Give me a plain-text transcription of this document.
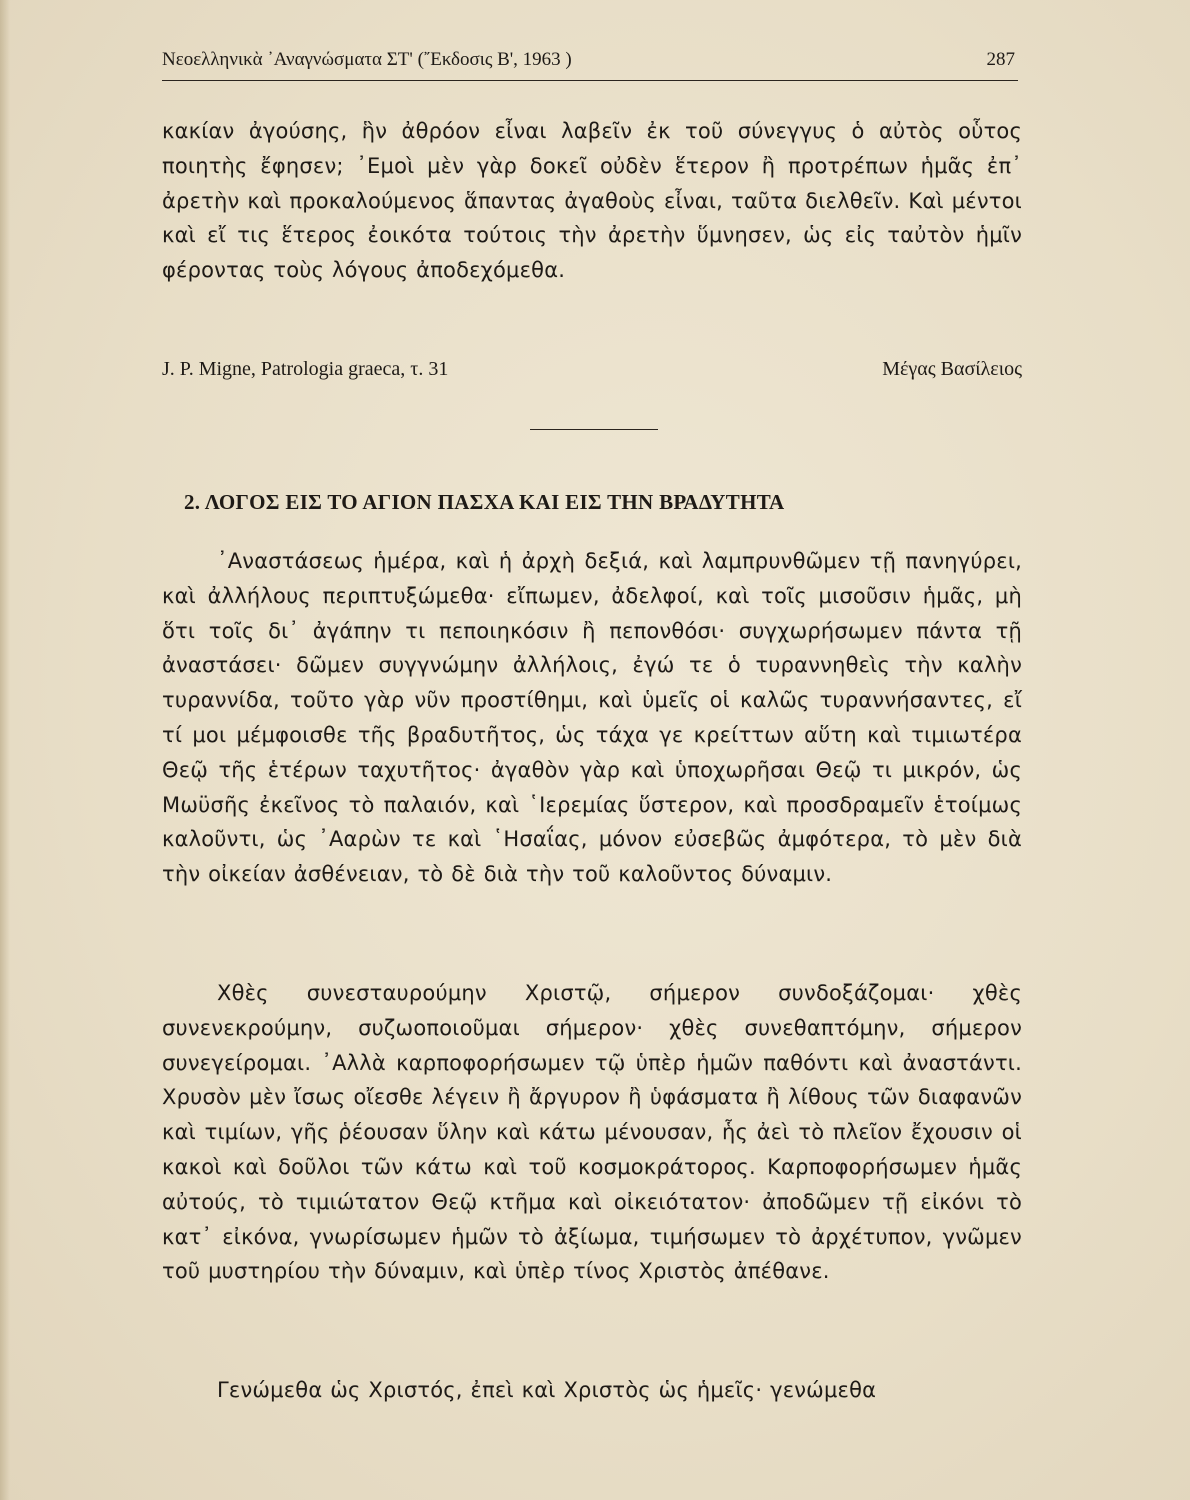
Νεοελληνικὰ ᾿Αναγνώσματα ΣΤ' (῎Εκδοσις Β', 1963 )	287

κακίαν ἀγούσης, ἣν ἀθρόον εἶναι λαβεῖν ἐκ τοῦ σύνεγγυς ὁ αὐτὸς οὗτος ποιητὴς ἔφησεν; ᾿Εμοὶ μὲν γὰρ δοκεῖ οὐδὲν ἕτερον ἢ προτρέπων ἡμᾶς ἐπ᾿ ἀρετὴν καὶ προκαλούμενος ἅπαντας ἀγαθοὺς εἶναι, ταῦτα διελθεῖν. Καὶ μέντοι καὶ εἴ τις ἕτερος ἐοικότα τούτοις τὴν ἀρετὴν ὕμνησεν, ὡς εἰς ταὐτὸν ἡμῖν φέροντας τοὺς λόγους ἀποδεχόμεθα.

J. P. Migne, Patrologia graeca, τ. 31	Μέγας Βασίλειος
2. ΛΟΓΟΣ ΕΙΣ ΤΟ ΑΓΙΟΝ ΠΑΣΧΑ ΚΑΙ ΕΙΣ ΤΗΝ ΒΡΑΔΥΤΗΤΑ

᾿Αναστάσεως ἡμέρα, καὶ ἡ ἀρχὴ δεξιά, καὶ λαμπρυνθῶμεν τῇ πανηγύρει, καὶ ἀλλήλους περιπτυξώμεθα· εἴπωμεν, ἀδελφοί, καὶ τοῖς μισοῦσιν ἡμᾶς, μὴ ὅτι τοῖς δι᾿ ἀγάπην τι πεποιηκόσιν ἢ πεπονθόσι· συγχωρήσωμεν πάντα τῇ ἀναστάσει· δῶμεν συγγνώμην ἀλλήλοις, ἐγώ τε ὁ τυραννηθεὶς τὴν καλὴν τυραννίδα, τοῦτο γὰρ νῦν προστίθημι, καὶ ὑμεῖς οἱ καλῶς τυραννήσαντες, εἴ τί μοι μέμφοισθε τῆς βραδυτῆτος, ὡς τάχα γε κρείττων αὕτη καὶ τιμιωτέρα Θεῷ τῆς ἑτέρων ταχυτῆτος· ἀγαθὸν γὰρ καὶ ὑποχωρῆσαι Θεῷ τι μικρόν, ὡς Μωϋσῆς ἐκεῖνος τὸ παλαιόν, καὶ ῾Ιερεμίας ὕστερον, καὶ προσδραμεῖν ἑτοίμως καλοῦντι, ὡς ᾿Ααρὼν τε καὶ ῾Ησαΐας, μόνον εὐσεβῶς ἀμφότερα, τὸ μὲν διὰ τὴν οἰκείαν ἀσθένειαν, τὸ δὲ διὰ τὴν τοῦ καλοῦντος δύναμιν.

Χθὲς συνεσταυρούμην Χριστῷ, σήμερον συνδοξάζομαι· χθὲς συνενεκρούμην, συζωοποιοῦμαι σήμερον· χθὲς συνεθαπτόμην, σήμερον συνεγείρομαι. ᾿Αλλὰ καρποφορήσωμεν τῷ ὑπὲρ ἡμῶν παθόντι καὶ ἀναστάντι. Χρυσὸν μὲν ἴσως οἴεσθε λέγειν ἢ ἄργυρον ἢ ὑφάσματα ἢ λίθους τῶν διαφανῶν καὶ τιμίων, γῆς ῥέουσαν ὕλην καὶ κάτω μένουσαν, ἧς ἀεὶ τὸ πλεῖον ἔχουσιν οἱ κακοὶ καὶ δοῦλοι τῶν κάτω καὶ τοῦ κοσμοκράτορος. Καρποφορήσωμεν ἡμᾶς αὐτούς, τὸ τιμιώτατον Θεῷ κτῆμα καὶ οἰκειότατον· ἀποδῶμεν τῇ εἰκόνι τὸ κατ᾿ εἰκόνα, γνωρίσωμεν ἡμῶν τὸ ἀξίωμα, τιμήσωμεν τὸ ἀρχέτυπον, γνῶμεν τοῦ μυστηρίου τὴν δύναμιν, καὶ ὑπὲρ τίνος Χριστὸς ἀπέθανε.

Γενώμεθα ὡς Χριστός, ἐπεὶ καὶ Χριστὸς ὡς ἡμεῖς· γενώμεθα
